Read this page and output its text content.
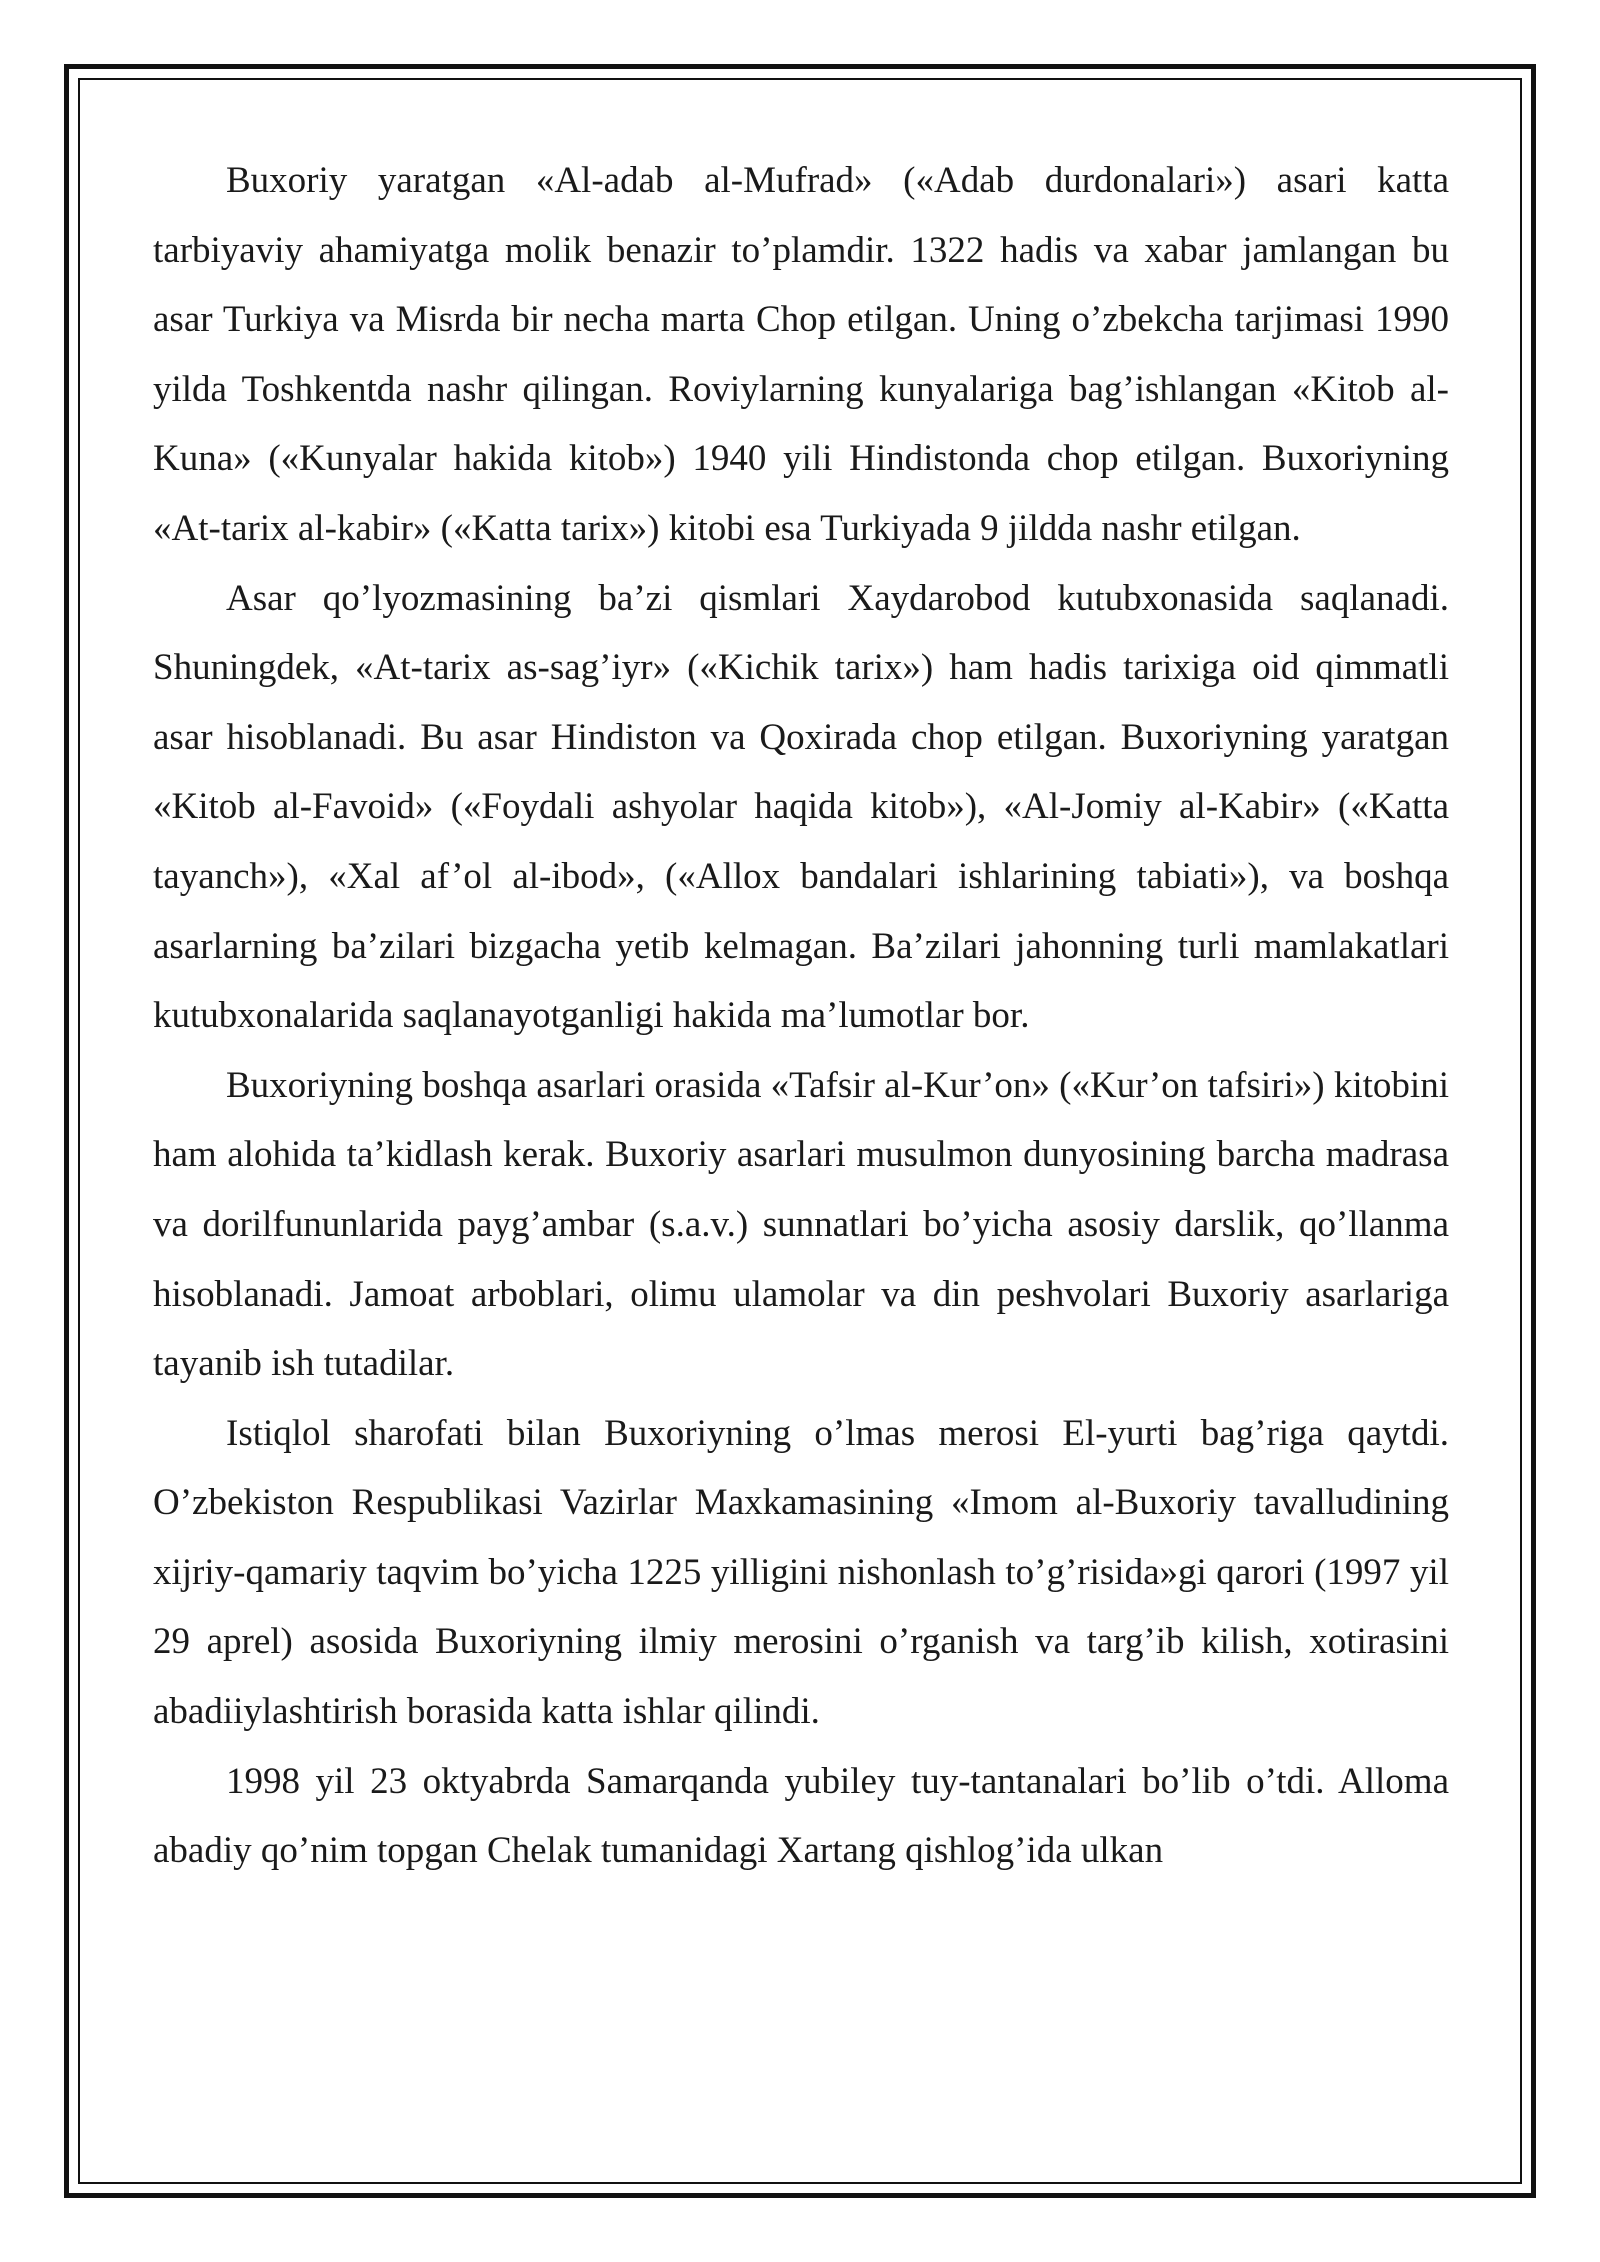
Buxoriy yaratgan «Al-adab al-Mufrad» («Adab durdonalari») asari katta tarbiyaviy ahamiyatga molik benazir to’plamdir. 1322 hadis va xabar jamlangan bu asar Turkiya va Misrda bir necha marta Chop etilgan. Uning o’zbekcha tarjimasi 1990 yilda Toshkentda nashr qilingan. Roviylarning kunyalariga bag’ishlangan «Kitob al-Kuna» («Kunyalar hakida kitob») 1940 yili Hindistonda chop etilgan. Buxoriyning «At-tarix al-kabir» («Katta tarix») kitobi esa Turkiyada 9 jildda nashr etilgan.

Asar qo’lyozmasining ba’zi qismlari Xaydarobod kutubxonasida saqlanadi. Shuningdek, «At-tarix as-sag’iyr» («Kichik tarix») ham hadis tarixiga oid qimmatli asar hisoblanadi. Bu asar Hindiston va Qoxirada chop etilgan. Buxoriyning yaratgan «Kitob al-Favoid» («Foydali ashyolar haqida kitob»), «Al-Jomiy al-Kabir» («Katta tayanch»), «Xal af’ol al-ibod», («Allox bandalari ishlarining tabiati»), va boshqa asarlarning ba’zilari bizgacha yetib kelmagan. Ba’zilari jahonning turli mamlakatlari kutubxonalarida saqlanayotganligi hakida ma’lumotlar bor.

Buxoriyning boshqa asarlari orasida «Tafsir al-Kur’on» («Kur’on tafsiri») kitobini ham alohida ta’kidlash kerak. Buxoriy asarlari musulmon dunyosining barcha madrasa va dorilfununlarida payg’ambar (s.a.v.) sunnatlari bo’yicha asosiy darslik, qo’llanma hisoblanadi. Jamoat arboblari, olimu ulamolar va din peshvolari Buxoriy asarlariga tayanib ish tutadilar.

Istiqlol sharofati bilan Buxoriyning o’lmas merosi El-yurti bag’riga qaytdi. O’zbekiston Respublikasi Vazirlar Maxkamasining «Imom al-Buxoriy tavalludining xijriy-qamariy taqvim bo’yicha 1225 yilligini nishonlash to’g’risida»gi qarori (1997 yil 29 aprel) asosida Buxoriyning ilmiy merosini o’rganish va targ’ib kilish, xotirasini abadiiylashtirish borasida katta ishlar qilindi.

1998 yil 23 oktyabrda Samarqanda yubiley tuy-tantanalari bo’lib o’tdi. Alloma abadiy qo’nim topgan Chelak tumanidagi Xartang qishlog’ida ulkan
